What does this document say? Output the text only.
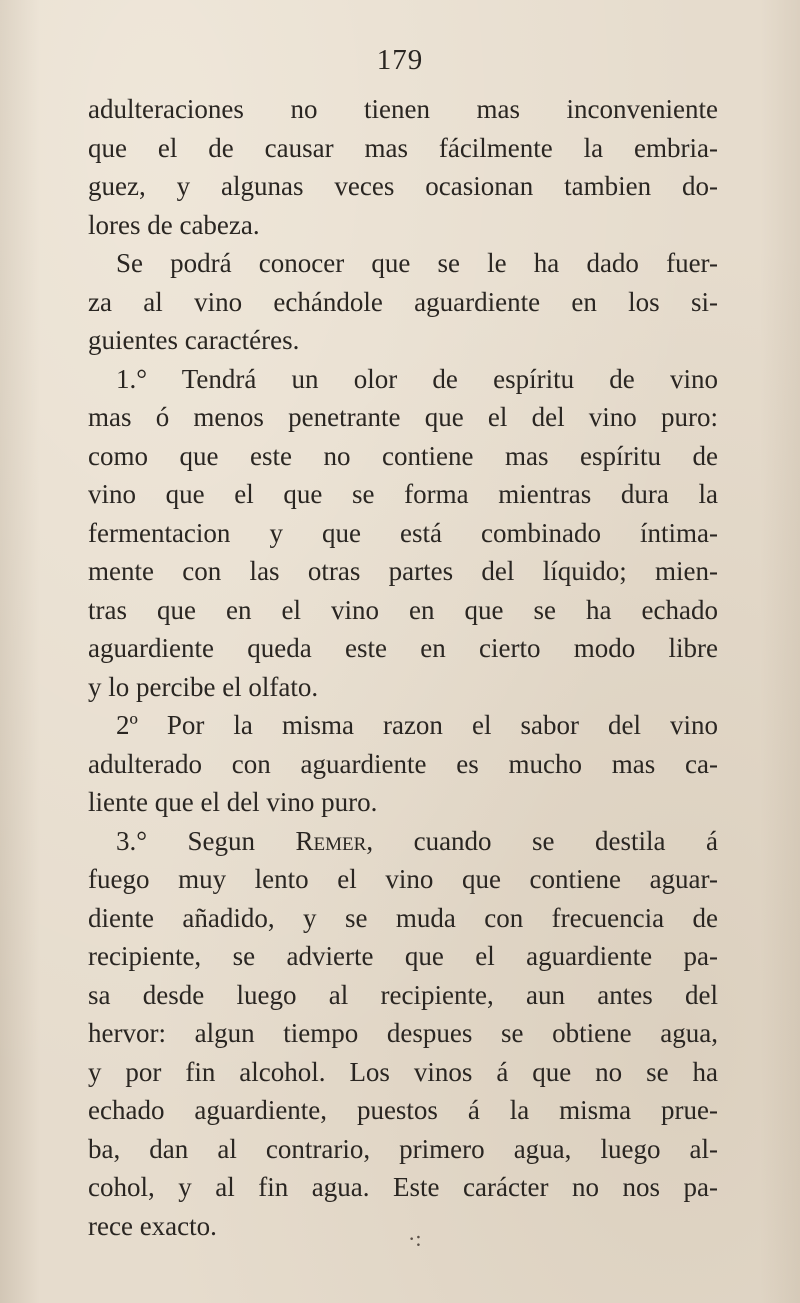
179
adulteraciones no tienen mas inconveniente
que el de causar mas fácilmente la embria-
guez, y algunas veces ocasionan tambien do-
lores de cabeza.
Se podrá conocer que se le ha dado fuer-
za al vino echándole aguardiente en los si-
guientes caractéres.
1.° Tendrá un olor de espíritu de vino
mas ó menos penetrante que el del vino puro:
como que este no contiene mas espíritu de
vino que el que se forma mientras dura la
fermentacion y que está combinado íntima-
mente con las otras partes del líquido; mien-
tras que en el vino en que se ha echado
aguardiente queda este en cierto modo libre
y lo percibe el olfato.
2º Por la misma razon el sabor del vino
adulterado con aguardiente es mucho mas ca-
liente que el del vino puro.
3.° Segun Remer, cuando se destila á
fuego muy lento el vino que contiene aguar-
diente añadido, y se muda con frecuencia de
recipiente, se advierte que el aguardiente pa-
sa desde luego al recipiente, aun antes del
hervor: algun tiempo despues se obtiene agua,
y por fin alcohol. Los vinos á que no se ha
echado aguardiente, puestos á la misma prue-
ba, dan al contrario, primero agua, luego al-
cohol, y al fin agua. Este carácter no nos pa-
rece exacto.	·:
